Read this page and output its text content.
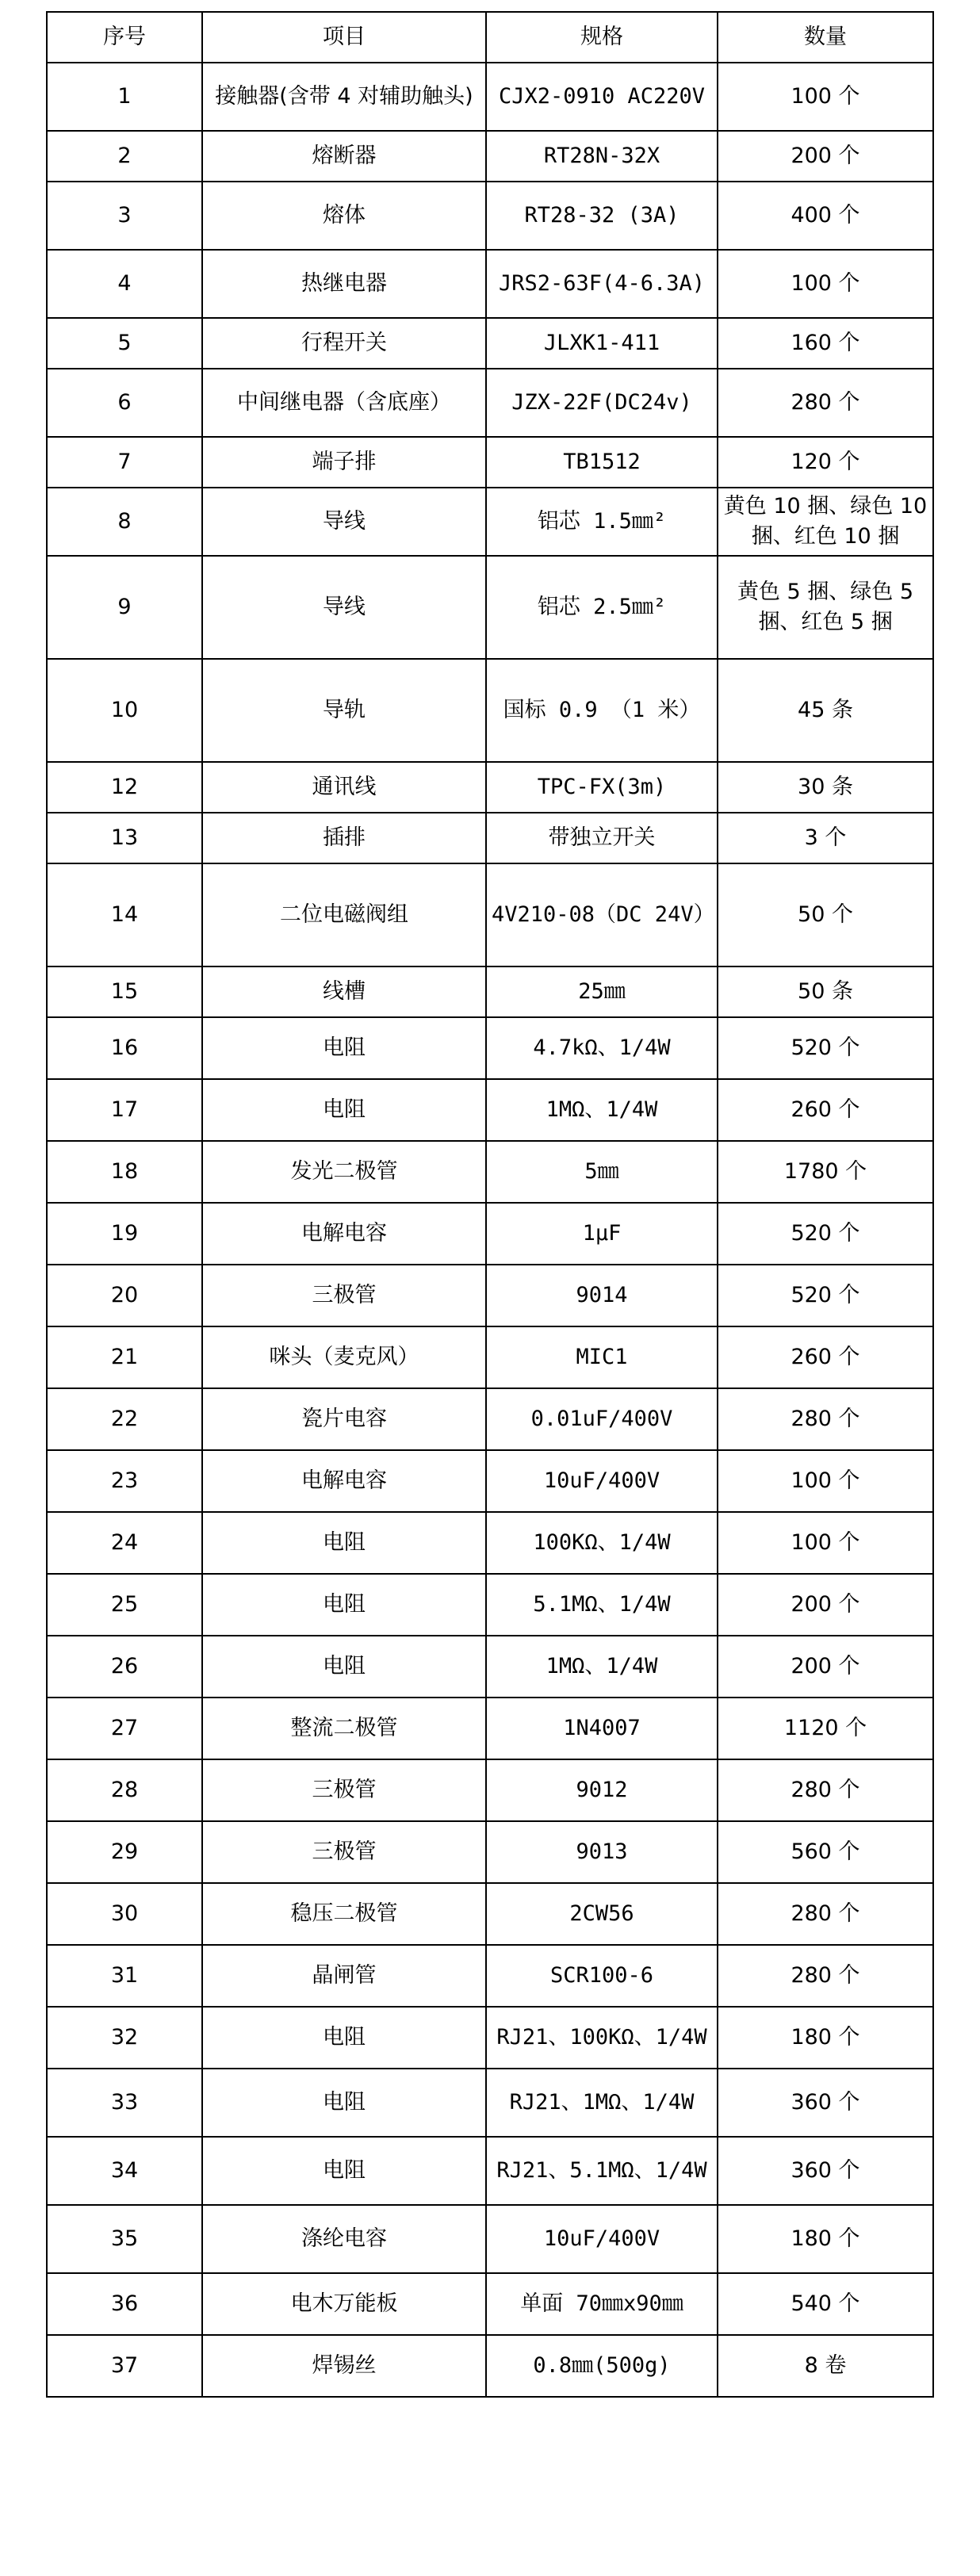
序号	项目	规格	数量
1	接触器(含带 4 对辅助触头)	CJX2-0910 AC220V	100 个
2	熔断器	RT28N-32X	200 个
3	熔体	RT28-32 (3A)	400 个
4	热继电器	JRS2-63F(4-6.3A)	100 个
5	行程开关	JLXK1-411	160 个
6	中间继电器（含底座）	JZX-22F(DC24v)	280 个
7	端子排	TB1512	120 个
8	导线	铝芯 1.5㎜²	黄色 10 捆、绿色 10 捆、红色 10 捆
9	导线	铝芯 2.5㎜²	黄色 5 捆、绿色 5 捆、红色 5 捆
10	导轨	国标 0.9 （1 米）	45 条
12	通讯线	TPC-FX(3m)	30 条
13	插排	带独立开关	3 个
14	二位电磁阀组	4V210-08（DC 24V）	50 个
15	线槽	25㎜	50 条
16	电阻	4.7kΩ、1/4W	520 个
17	电阻	1MΩ、1/4W	260 个
18	发光二极管	5㎜	1780 个
19	电解电容	1μF	520 个
20	三极管	9014	520 个
21	咪头（麦克风）	MIC1	260 个
22	瓷片电容	0.01uF/400V	280 个
23	电解电容	10uF/400V	100 个
24	电阻	100KΩ、1/4W	100 个
25	电阻	5.1MΩ、1/4W	200 个
26	电阻	1MΩ、1/4W	200 个
27	整流二极管	1N4007	1120 个
28	三极管	9012	280 个
29	三极管	9013	560 个
30	稳压二极管	2CW56	280 个
31	晶闸管	SCR100-6	280 个
32	电阻	RJ21、100KΩ、1/4W	180 个
33	电阻	RJ21、1MΩ、1/4W	360 个
34	电阻	RJ21、5.1MΩ、1/4W	360 个
35	涤纶电容	10uF/400V	180 个
36	电木万能板	单面 70㎜x90㎜	540 个
37	焊锡丝	0.8㎜(500g)	8 卷
